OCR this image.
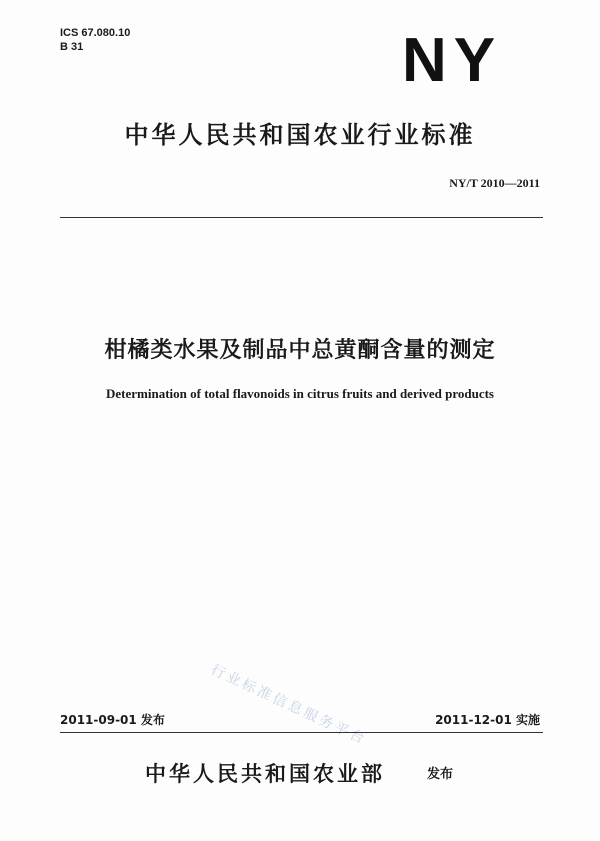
ICS 67.080.10
B 31	NY
中华人民共和国农业行业标准
NY/T 2010—2011
柑橘类水果及制品中总黄酮含量的测定
Determination of total flavonoids in citrus fruits and derived products
行业标准信息服务平台
2011-09-01 发布	2011-12-01 实施
中华人民共和国农业部	发布
